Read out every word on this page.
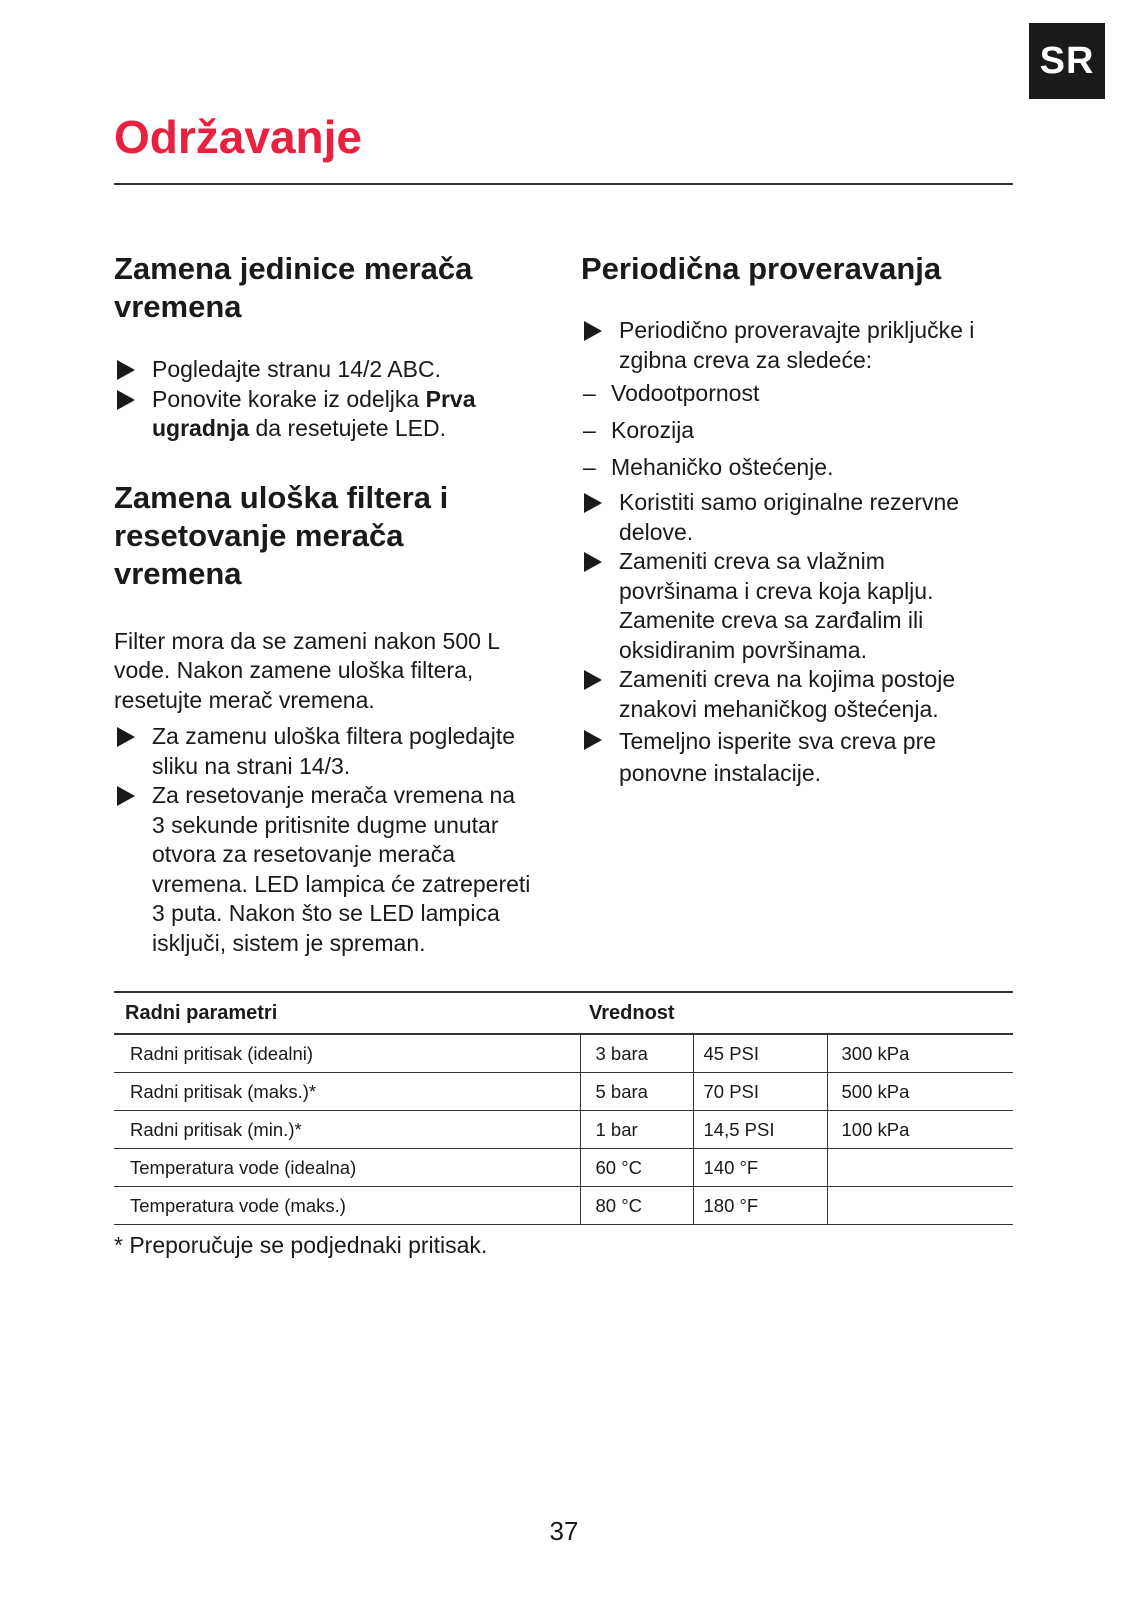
SR
Održavanje
Zamena jedinice merača vremena
Pogledajte stranu 14/2 ABC.
Ponovite korake iz odeljka Prva ugradnja da resetujete LED.
Zamena uloška filtera i resetovanje merača vremena

Filter mora da se zameni nakon 500 L vode. Nakon zamene uloška filtera, resetujte merač vremena.

Za zamenu uloška filtera pogledajte sliku na strani 14/3.
Za resetovanje merača vremena na 3 sekunde pritisnite dugme unutar otvora za resetovanje merača vremena. LED lampica će zatrepereti 3 puta. Nakon što se LED lampica isključi, sistem je spreman.
Periodična proveravanja
Periodično proveravajte priključke i zgibna creva za sledeće:
– Vodootpornost
– Korozija
– Mehaničko oštećenje.
Koristiti samo originalne rezervne delove.
Zameniti creva sa vlažnim površinama i creva koja kaplju. Zamenite creva sa zarđalim ili oksidiranim površinama.
Zameniti creva na kojima postoje znakovi mehaničkog oštećenja.
Temeljno isperite sva creva pre ponovne instalacije.
Radni parametri	Vrednost		
Radni pritisak (idealni)	3 bara	45 PSI	300 kPa
Radni pritisak (maks.)*	5 bara	70 PSI	500 kPa
Radni pritisak (min.)*	1 bar	14,5 PSI	100 kPa
Temperatura vode (idealna)	60 °C	140 °F	
Temperatura vode (maks.)	80 °C	180 °F	

* Preporučuje se podjednaki pritisak.

37
